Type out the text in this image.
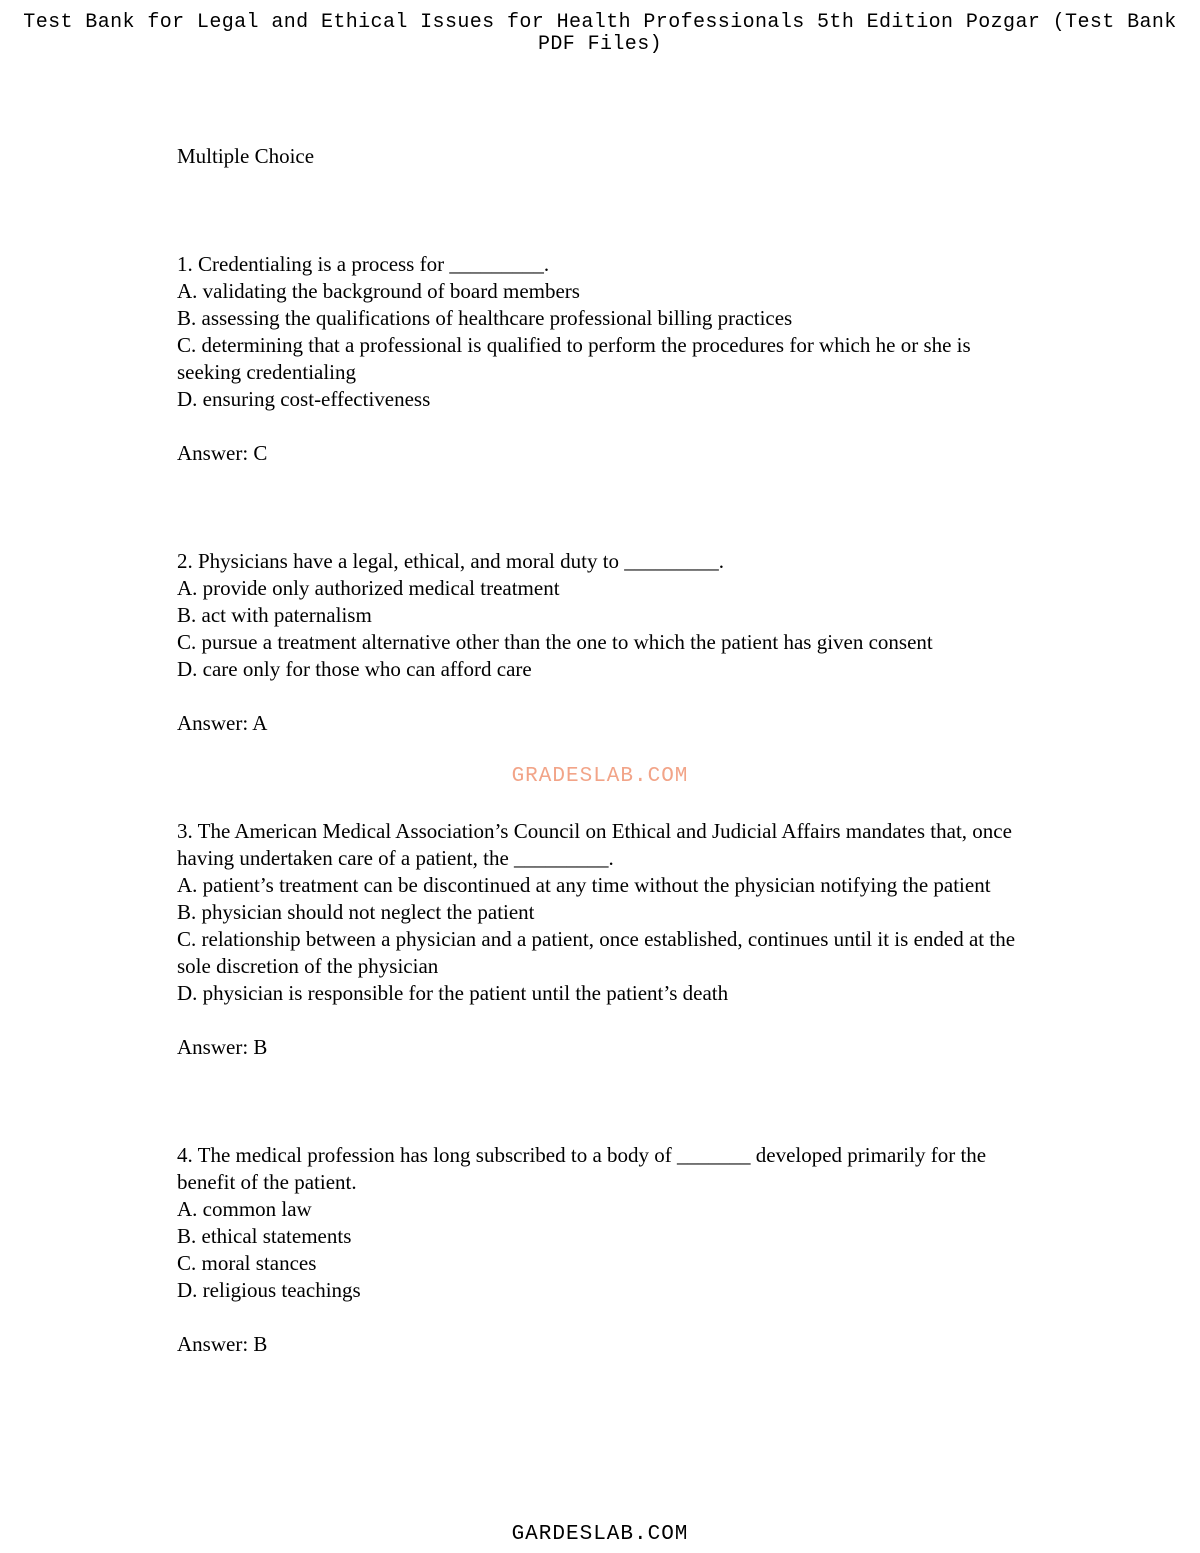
Test Bank for Legal and Ethical Issues for Health Professionals 5th Edition Pozgar (Test Bank PDF Files)

Multiple Choice

1. Credentialing is a process for _________.

A. validating the background of board members

B. assessing the qualifications of healthcare professional billing practices

C. determining that a professional is qualified to perform the procedures for which he or she is seeking credentialing

D. ensuring cost-effectiveness

Answer: C

2. Physicians have a legal, ethical, and moral duty to _________.

A. provide only authorized medical treatment

B. act with paternalism

C. pursue a treatment alternative other than the one to which the patient has given consent

D. care only for those who can afford care

Answer: A

3. The American Medical Association’s Council on Ethical and Judicial Affairs mandates that, once having undertaken care of a patient, the _________.

A. patient’s treatment can be discontinued at any time without the physician notifying the patient

B. physician should not neglect the patient

C. relationship between a physician and a patient, once established, continues until it is ended at the sole discretion of the physician

D. physician is responsible for the patient until the patient’s death

Answer: B

4. The medical profession has long subscribed to a body of _______ developed primarily for the benefit of the patient.

A. common law

B. ethical statements

C. moral stances

D. religious teachings

Answer: B

GRADESLAB.COM
GARDESLAB.COM
